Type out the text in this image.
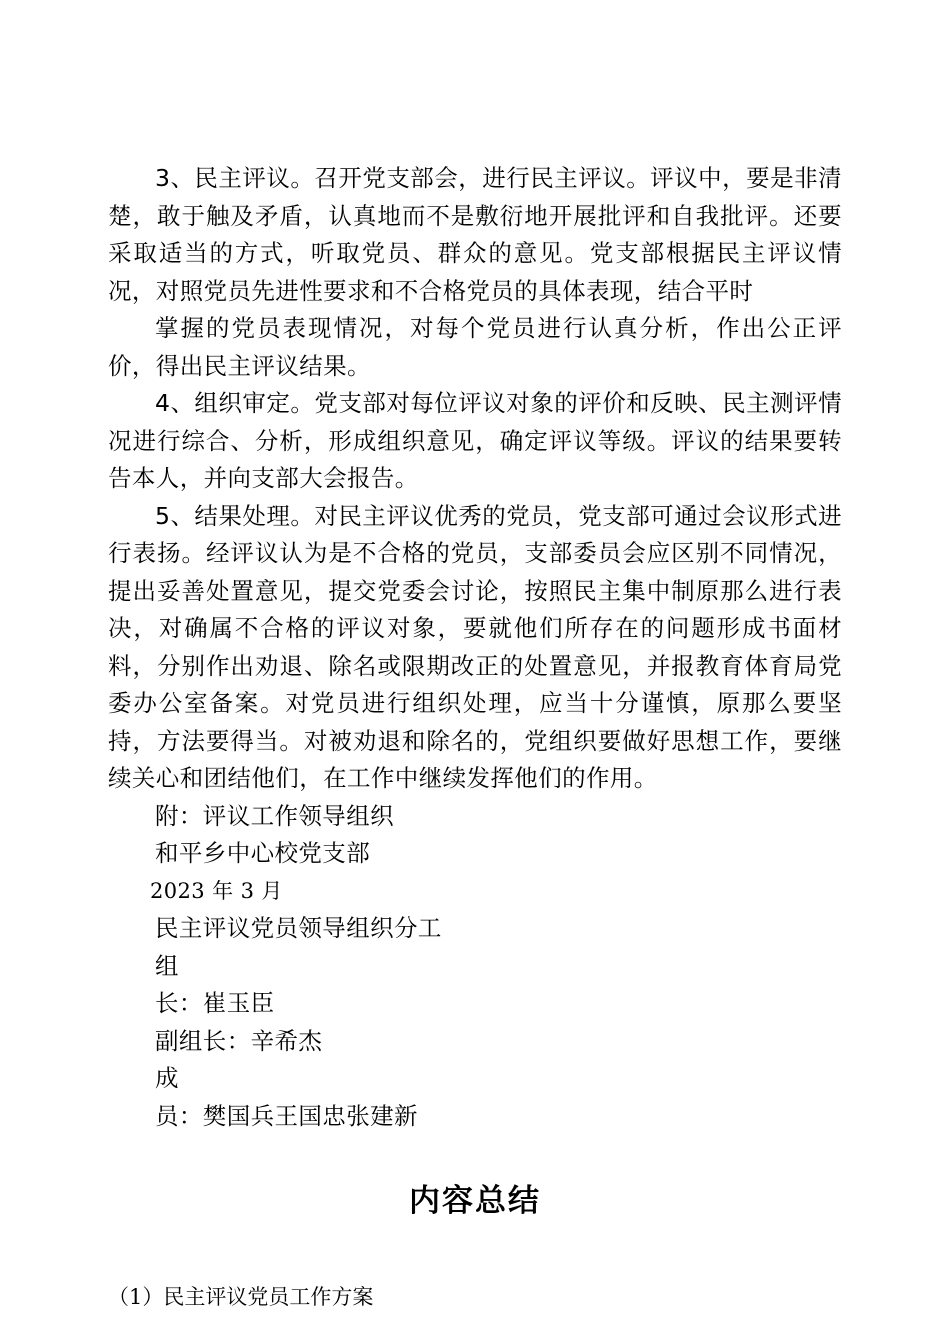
3、民主评议。召开党支部会，进行民主评议。评议中，要是非清楚，敢于触及矛盾，认真地而不是敷衍地开展批评和自我批评。还要采取适当的方式，听取党员、群众的意见。党支部根据民主评议情况，对照党员先进性要求和不合格党员的具体表现，结合平时

掌握的党员表现情况，对每个党员进行认真分析，作出公正评价，得出民主评议结果。

4、组织审定。党支部对每位评议对象的评价和反映、民主测评情况进行综合、分析，形成组织意见，确定评议等级。评议的结果要转告本人，并向支部大会报告。

5、结果处理。对民主评议优秀的党员，党支部可通过会议形式进行表扬。经评议认为是不合格的党员，支部委员会应区别不同情况，提出妥善处置意见，提交党委会讨论，按照民主集中制原那么进行表决，对确属不合格的评议对象，要就他们所存在的问题形成书面材料，分别作出劝退、除名或限期改正的处置意见，并报教育体育局党委办公室备案。对党员进行组织处理，应当十分谨慎，原那么要坚持，方法要得当。对被劝退和除名的，党组织要做好思想工作，要继续关心和团结他们，在工作中继续发挥他们的作用。

附：评议工作领导组织

和平乡中心校党支部

2023 年 3 月

民主评议党员领导组织分工

组

长：崔玉臣

副组长：辛希杰

成

员：樊国兵王国忠张建新

内容总结

（1）民主评议党员工作方案
